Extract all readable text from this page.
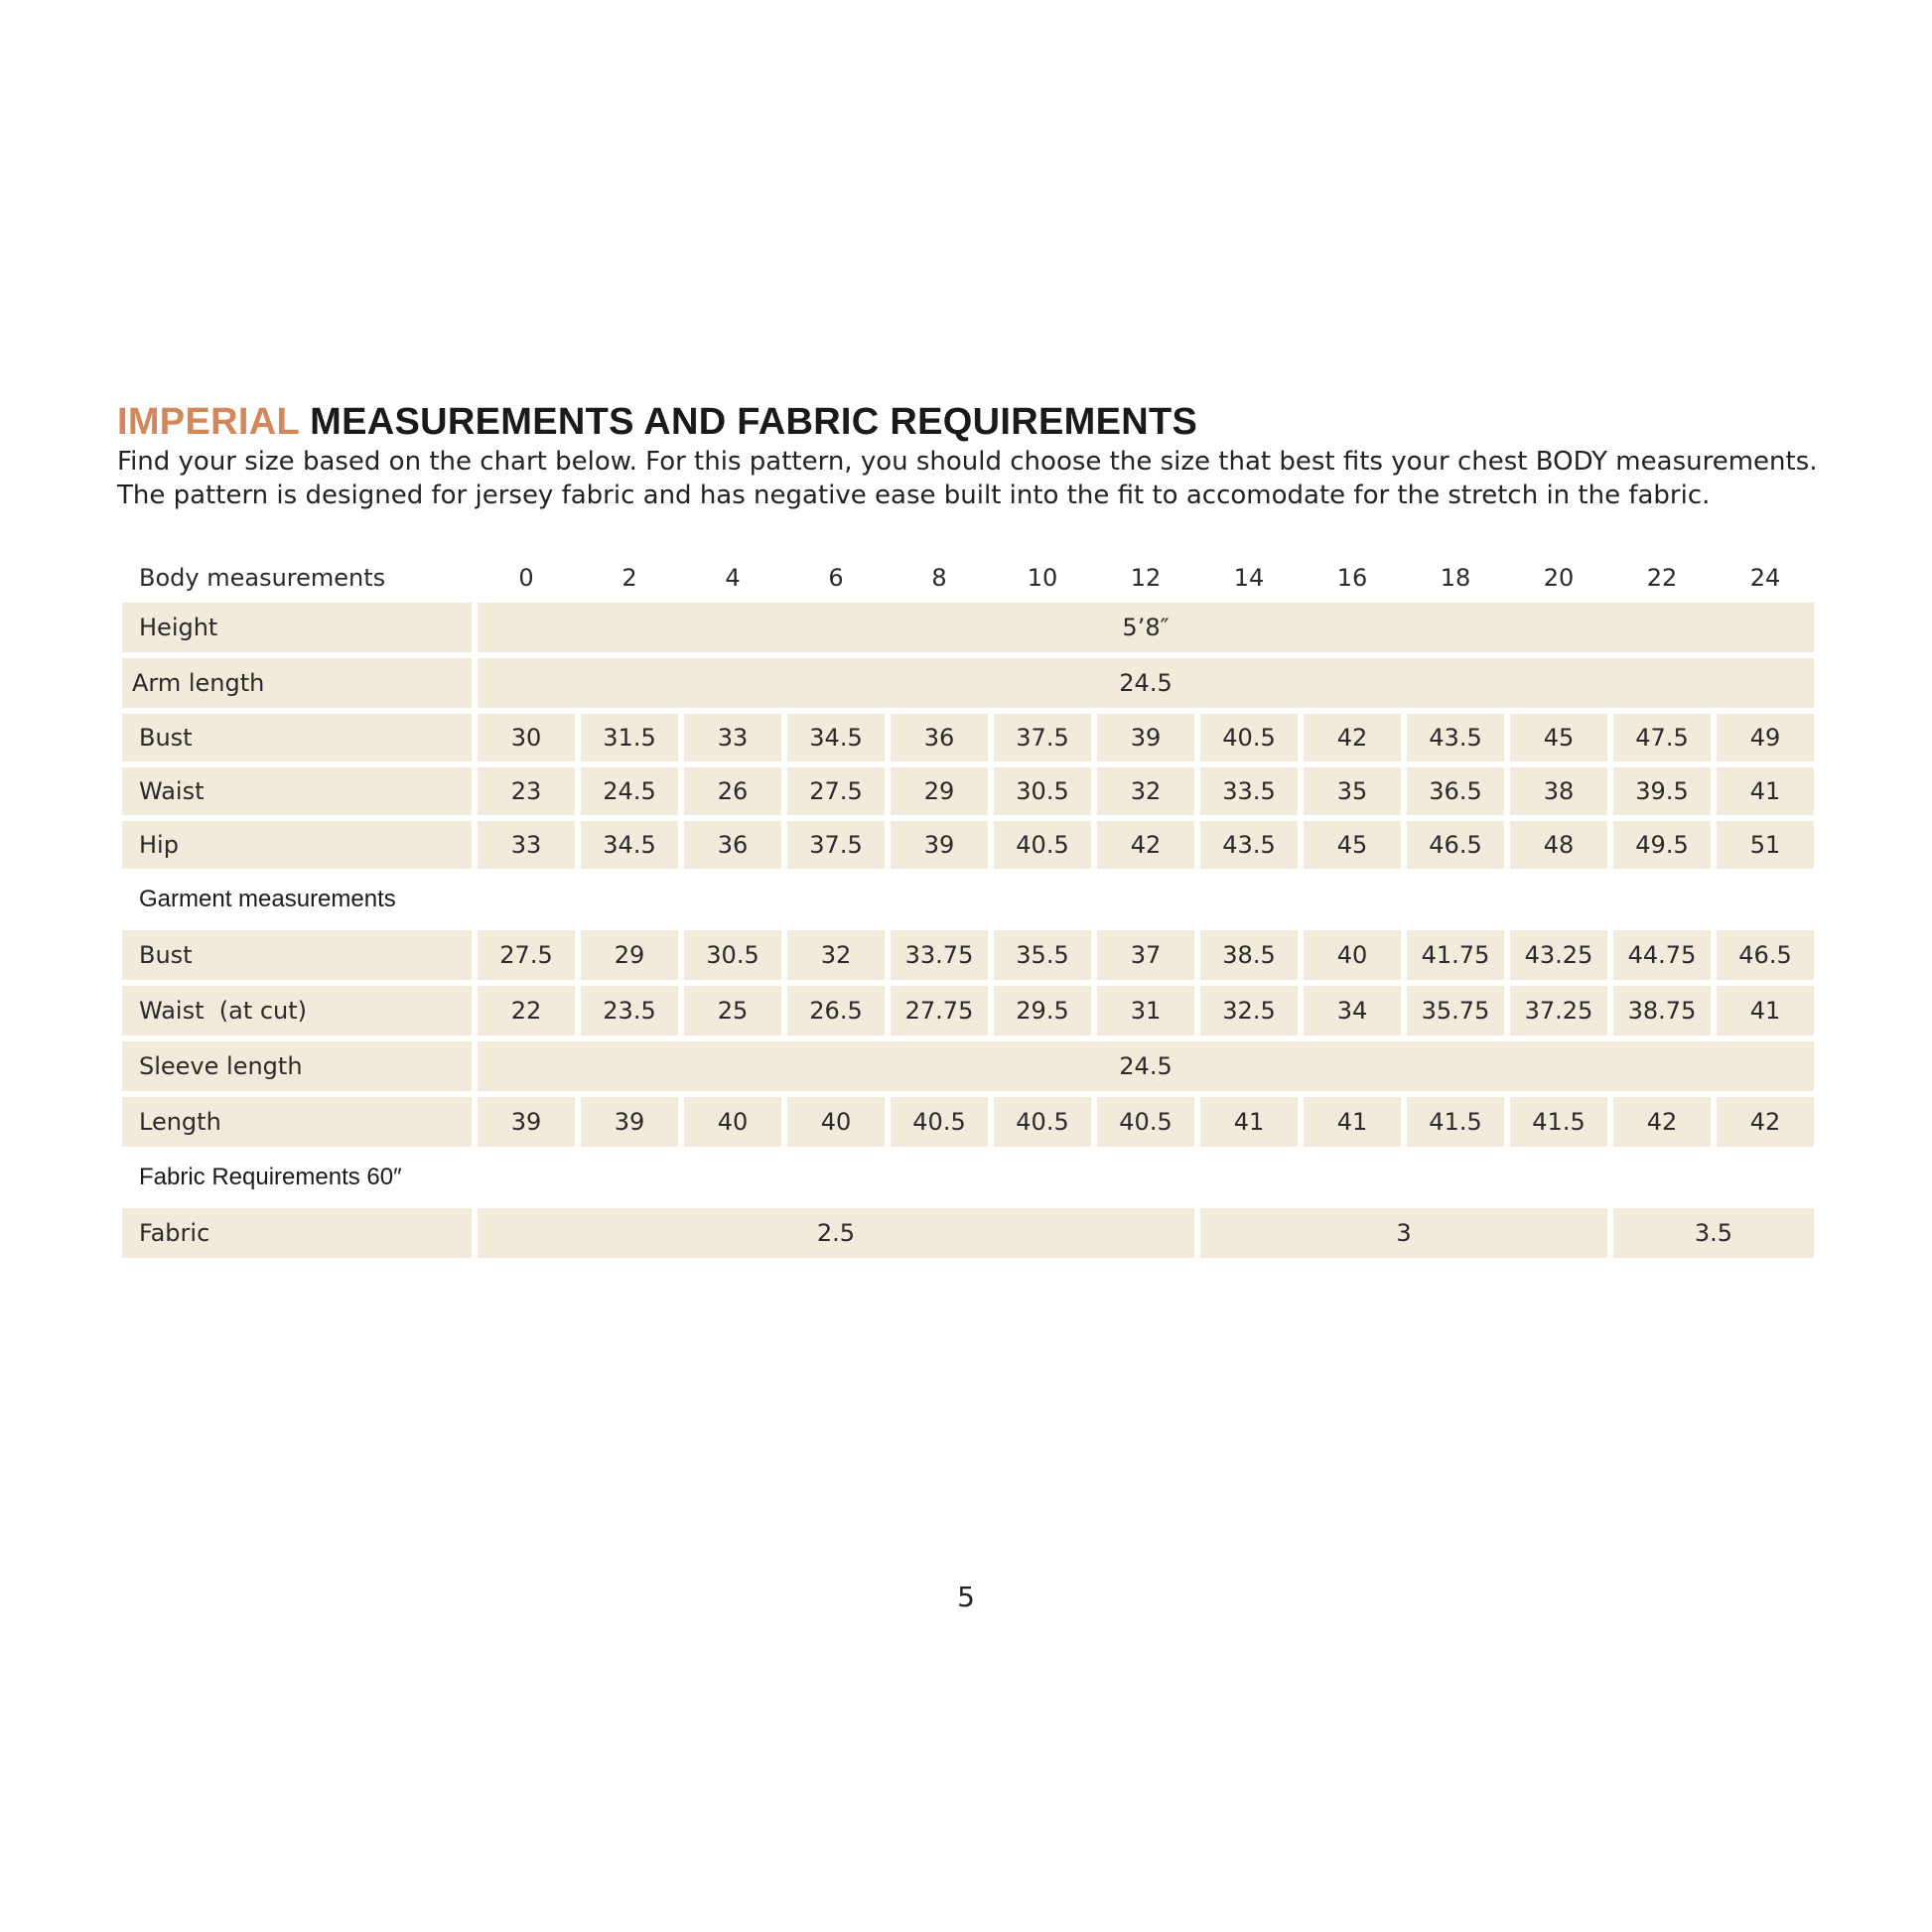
IMPERIAL MEASUREMENTS AND FABRIC REQUIREMENTS

Find your size based on the chart below. For this pattern, you should choose the size that best fits your chest BODY measurements.

The pattern is designed for jersey fabric and has negative ease built into the fit to accomodate for the stretch in the fabric.

Body measurements	0	2	4	6	8	10	12	14	16	18	20	22	24
Height	5’8″
Arm length	24.5
Bust	30	31.5	33	34.5	36	37.5	39	40.5	42	43.5	45	47.5	49
Waist	23	24.5	26	27.5	29	30.5	32	33.5	35	36.5	38	39.5	41
Hip	33	34.5	36	37.5	39	40.5	42	43.5	45	46.5	48	49.5	51
Garment measurements
Bust	27.5	29	30.5	32	33.75	35.5	37	38.5	40	41.75	43.25	44.75	46.5
Waist  (at cut)	22	23.5	25	26.5	27.75	29.5	31	32.5	34	35.75	37.25	38.75	41
Sleeve length	24.5
Length	39	39	40	40	40.5	40.5	40.5	41	41	41.5	41.5	42	42
Fabric Requirements 60″
Fabric	2.5	3	3.5
5
